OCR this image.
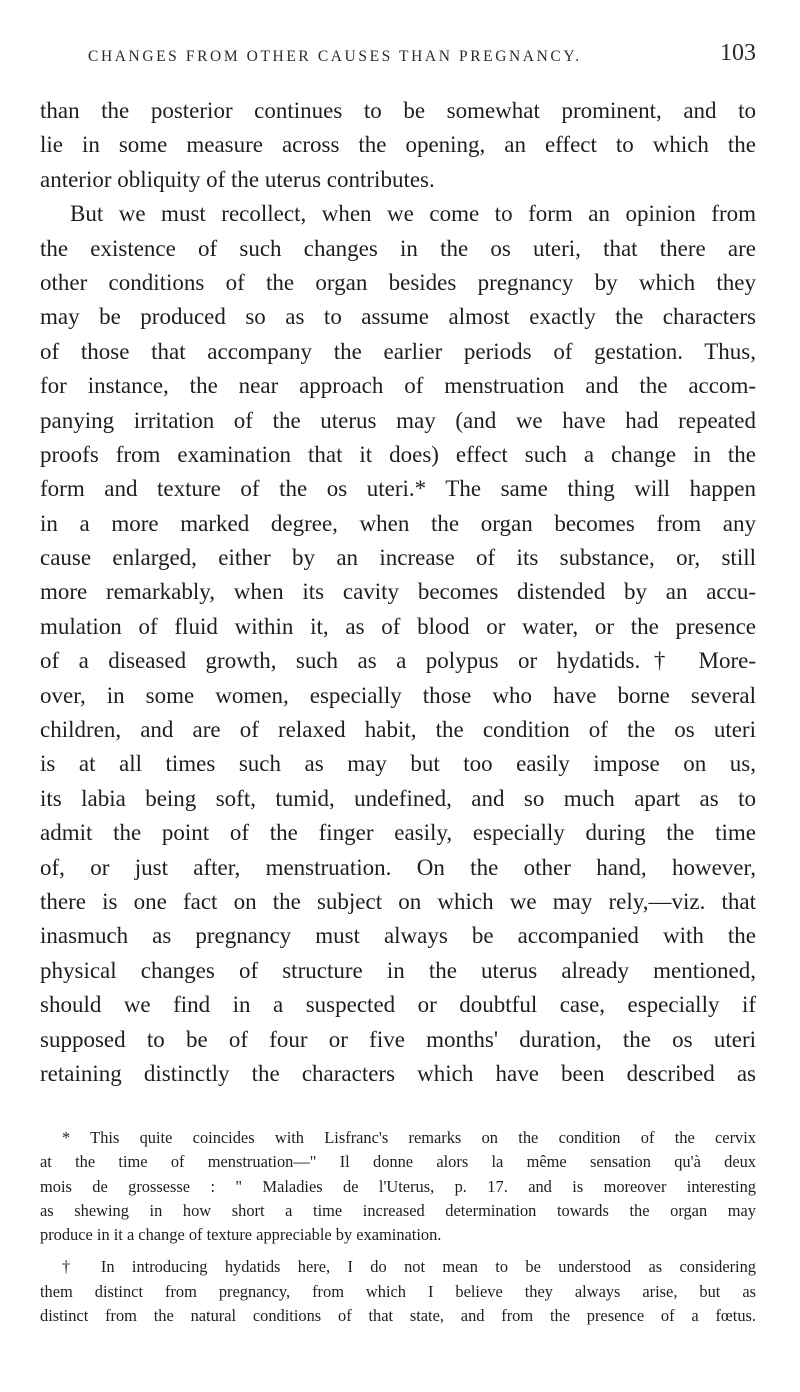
CHANGES FROM OTHER CAUSES THAN PREGNANCY.	103
than the posterior continues to be somewhat prominent, and to
lie in some measure across the opening, an effect to which the
anterior obliquity of the uterus contributes.
But we must recollect, when we come to form an opinion from
the existence of such changes in the os uteri, that there are
other conditions of the organ besides pregnancy by which they
may be produced so as to assume almost exactly the characters
of those that accompany the earlier periods of gestation. Thus,
for instance, the near approach of menstruation and the accom-
panying irritation of the uterus may (and we have had repeated
proofs from examination that it does) effect such a change in the
form and texture of the os uteri.* The same thing will happen
in a more marked degree, when the organ becomes from any
cause enlarged, either by an increase of its substance, or, still
more remarkably, when its cavity becomes distended by an accu-
mulation of fluid within it, as of blood or water, or the presence
of a diseased growth, such as a polypus or hydatids.† More-
over, in some women, especially those who have borne several
children, and are of relaxed habit, the condition of the os uteri
is at all times such as may but too easily impose on us,
its labia being soft, tumid, undefined, and so much apart as to
admit the point of the finger easily, especially during the time
of, or just after, menstruation. On the other hand, however,
there is one fact on the subject on which we may rely,—viz. that
inasmuch as pregnancy must always be accompanied with the
physical changes of structure in the uterus already mentioned,
should we find in a suspected or doubtful case, especially if
supposed to be of four or five months' duration, the os uteri
retaining distinctly the characters which have been described as
* This quite coincides with Lisfranc's remarks on the condition of the cervix
at the time of menstruation—" Il donne alors la même sensation qu'à deux
mois de grossesse : " Maladies de l'Uterus, p. 17. and is moreover interesting
as shewing in how short a time increased determination towards the organ may
produce in it a change of texture appreciable by examination.
† In introducing hydatids here, I do not mean to be understood as considering
them distinct from pregnancy, from which I believe they always arise, but as
distinct from the natural conditions of that state, and from the presence of a fœtus.
